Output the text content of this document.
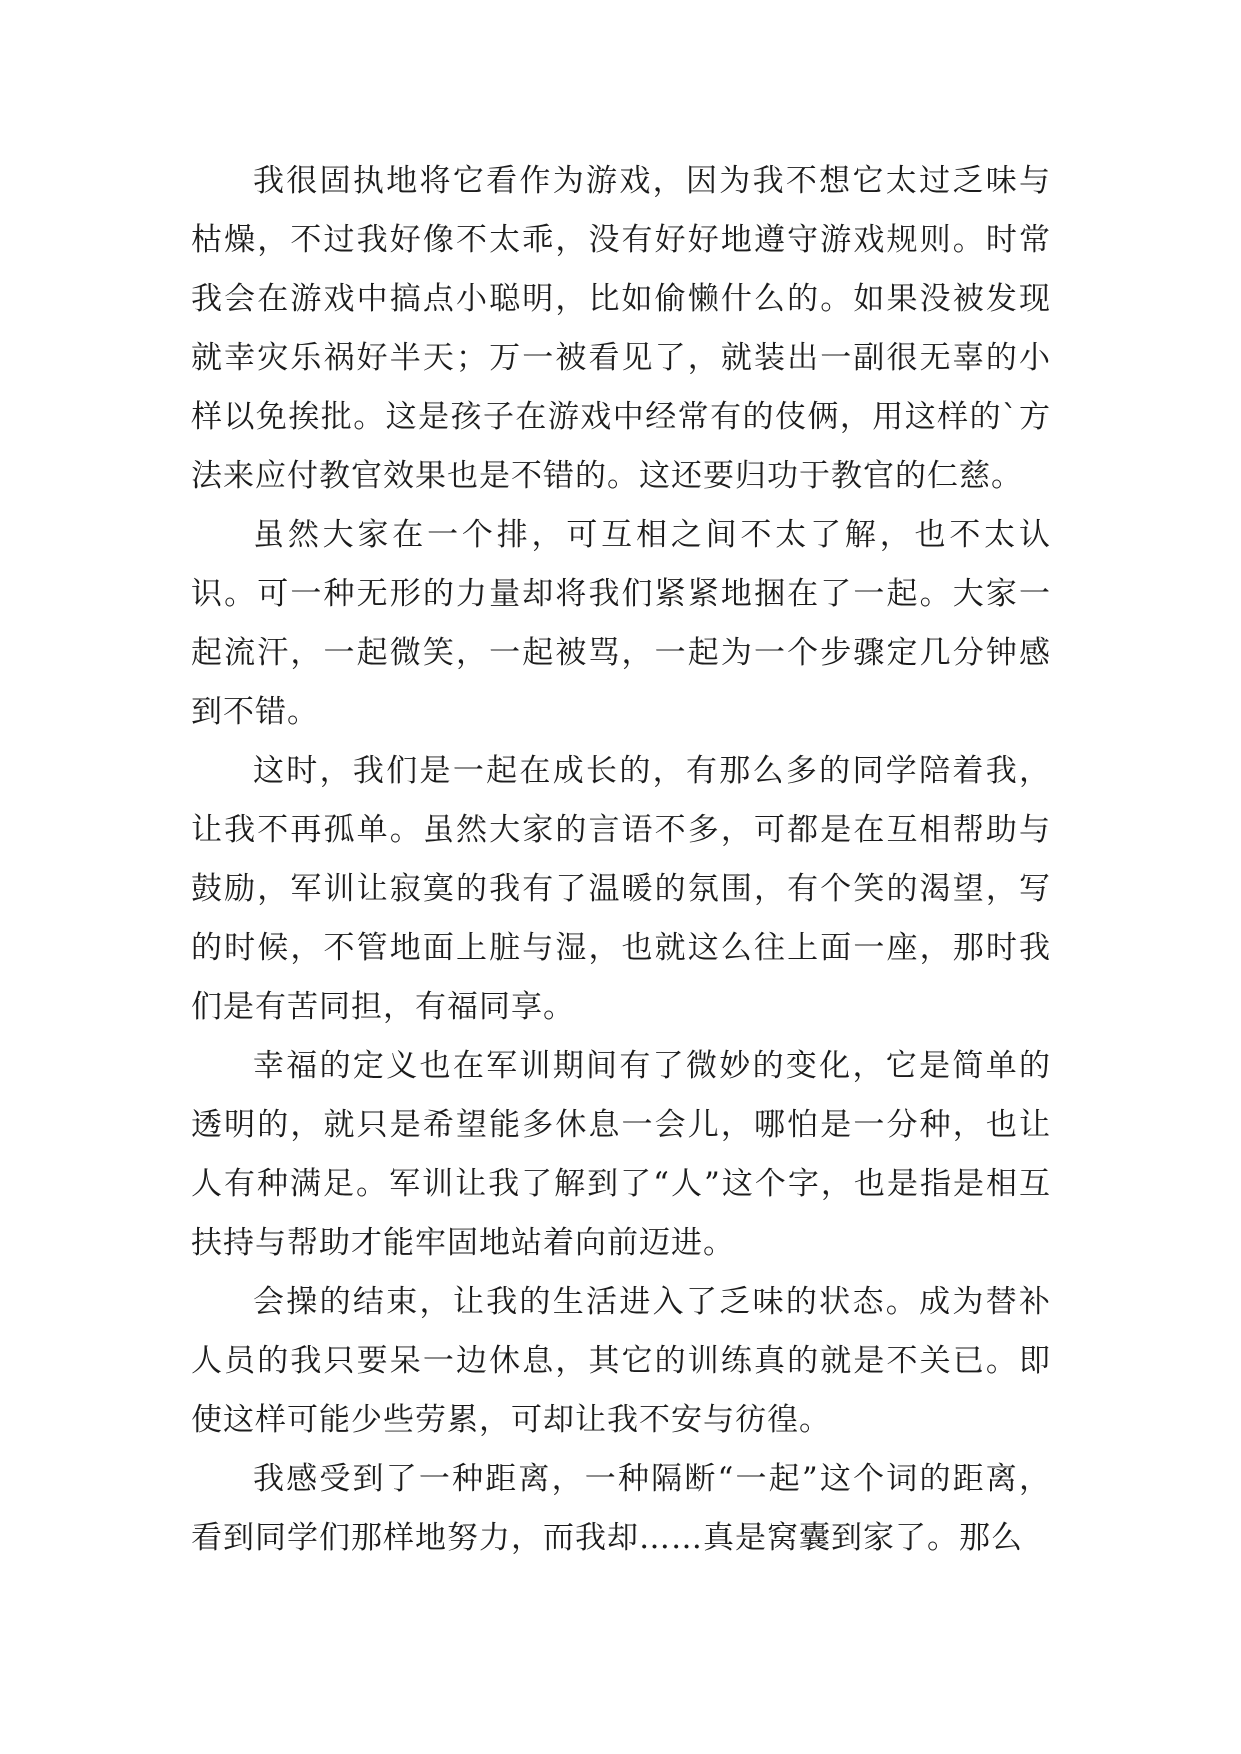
我很固执地将它看作为游戏，因为我不想它太过乏味与枯燥，不过我好像不太乖，没有好好地遵守游戏规则。时常我会在游戏中搞点小聪明，比如偷懒什么的。如果没被发现就幸灾乐祸好半天；万一被看见了，就装出一副很无辜的小样以免挨批。这是孩子在游戏中经常有的伎俩，用这样的`方法来应付教官效果也是不错的。这还要归功于教官的仁慈。

虽然大家在一个排，可互相之间不太了解，也不太认识。可一种无形的力量却将我们紧紧地捆在了一起。大家一起流汗，一起微笑，一起被骂，一起为一个步骤定几分钟感到不错。

这时，我们是一起在成长的，有那么多的同学陪着我，让我不再孤单。虽然大家的言语不多，可都是在互相帮助与鼓励，军训让寂寞的我有了温暖的氛围，有个笑的渴望，写的时候，不管地面上脏与湿，也就这么往上面一座，那时我们是有苦同担，有福同享。

幸福的定义也在军训期间有了微妙的变化，它是简单的透明的，就只是希望能多休息一会儿，哪怕是一分种，也让人有种满足。军训让我了解到了“人”这个字，也是指是相互扶持与帮助才能牢固地站着向前迈进。

会操的结束，让我的生活进入了乏味的状态。成为替补人员的我只要呆一边休息，其它的训练真的就是不关已。即使这样可能少些劳累，可却让我不安与彷徨。

我感受到了一种距离，一种隔断“一起”这个词的距离，看到同学们那样地努力，而我却……真是窝囊到家了。那么
